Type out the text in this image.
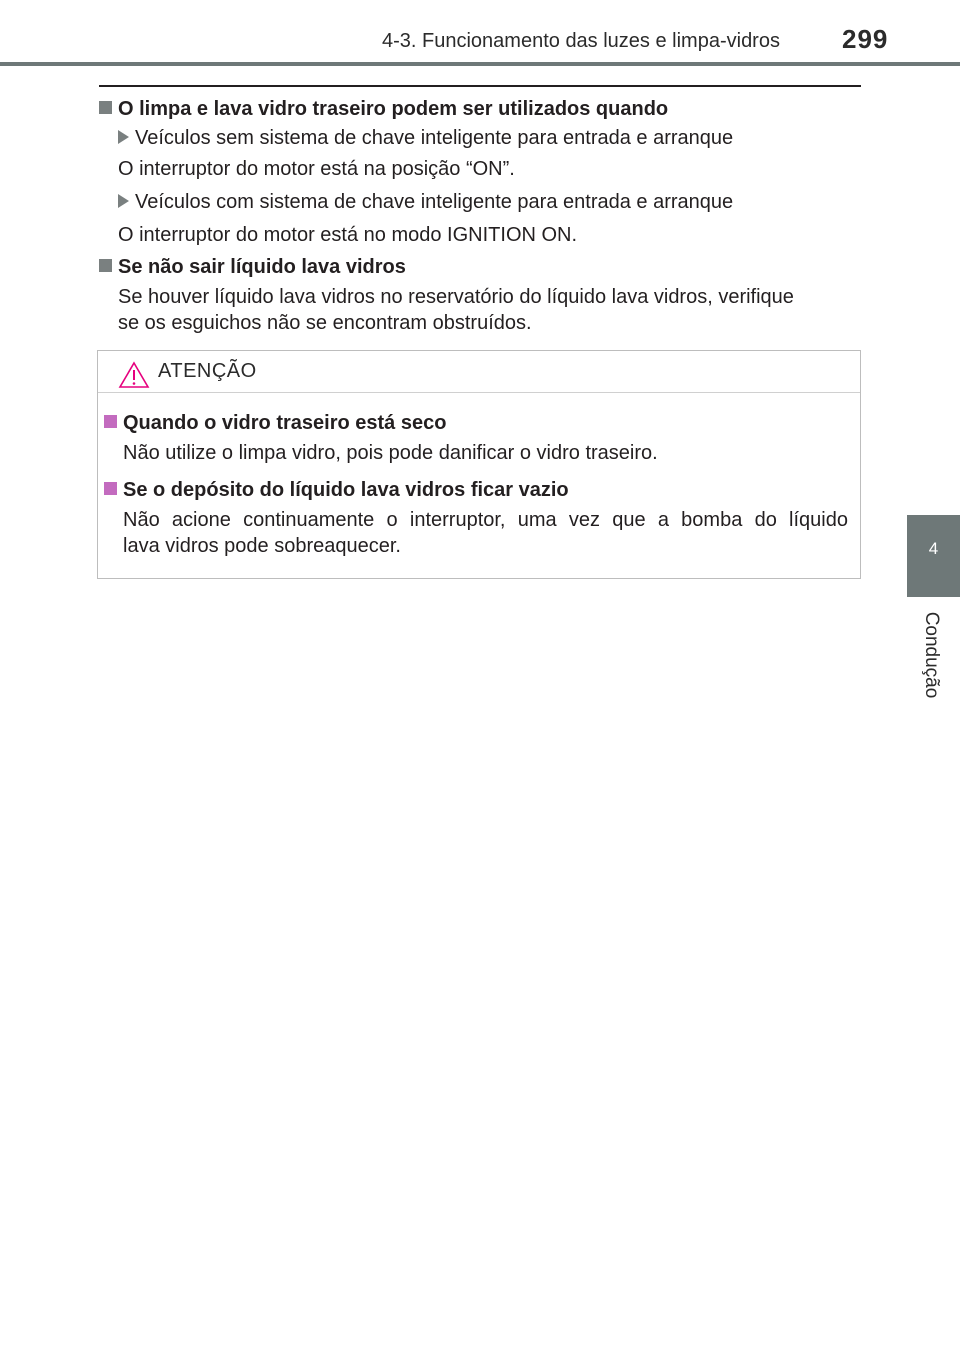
4-3. Funcionamento das luzes e limpa-vidros 299
4
Condução
O limpa e lava vidro traseiro podem ser utilizados quando
Veículos sem sistema de chave inteligente para entrada e arranque
O interruptor do motor está na posição “ON”.
Veículos com sistema de chave inteligente para entrada e arranque
O interruptor do motor está no modo IGNITION ON.
Se não sair líquido lava vidros
Se houver líquido lava vidros no reservatório do líquido lava vidros, verifique
se os esguichos não se encontram obstruídos.
ATENÇÃO
Quando o vidro traseiro está seco
Não utilize o limpa vidro, pois pode danificar o vidro traseiro.
Se o depósito do líquido lava vidros ficar vazio
Não acione continuamente o interruptor, uma vez que a bomba do líquido
lava vidros pode sobreaquecer.
